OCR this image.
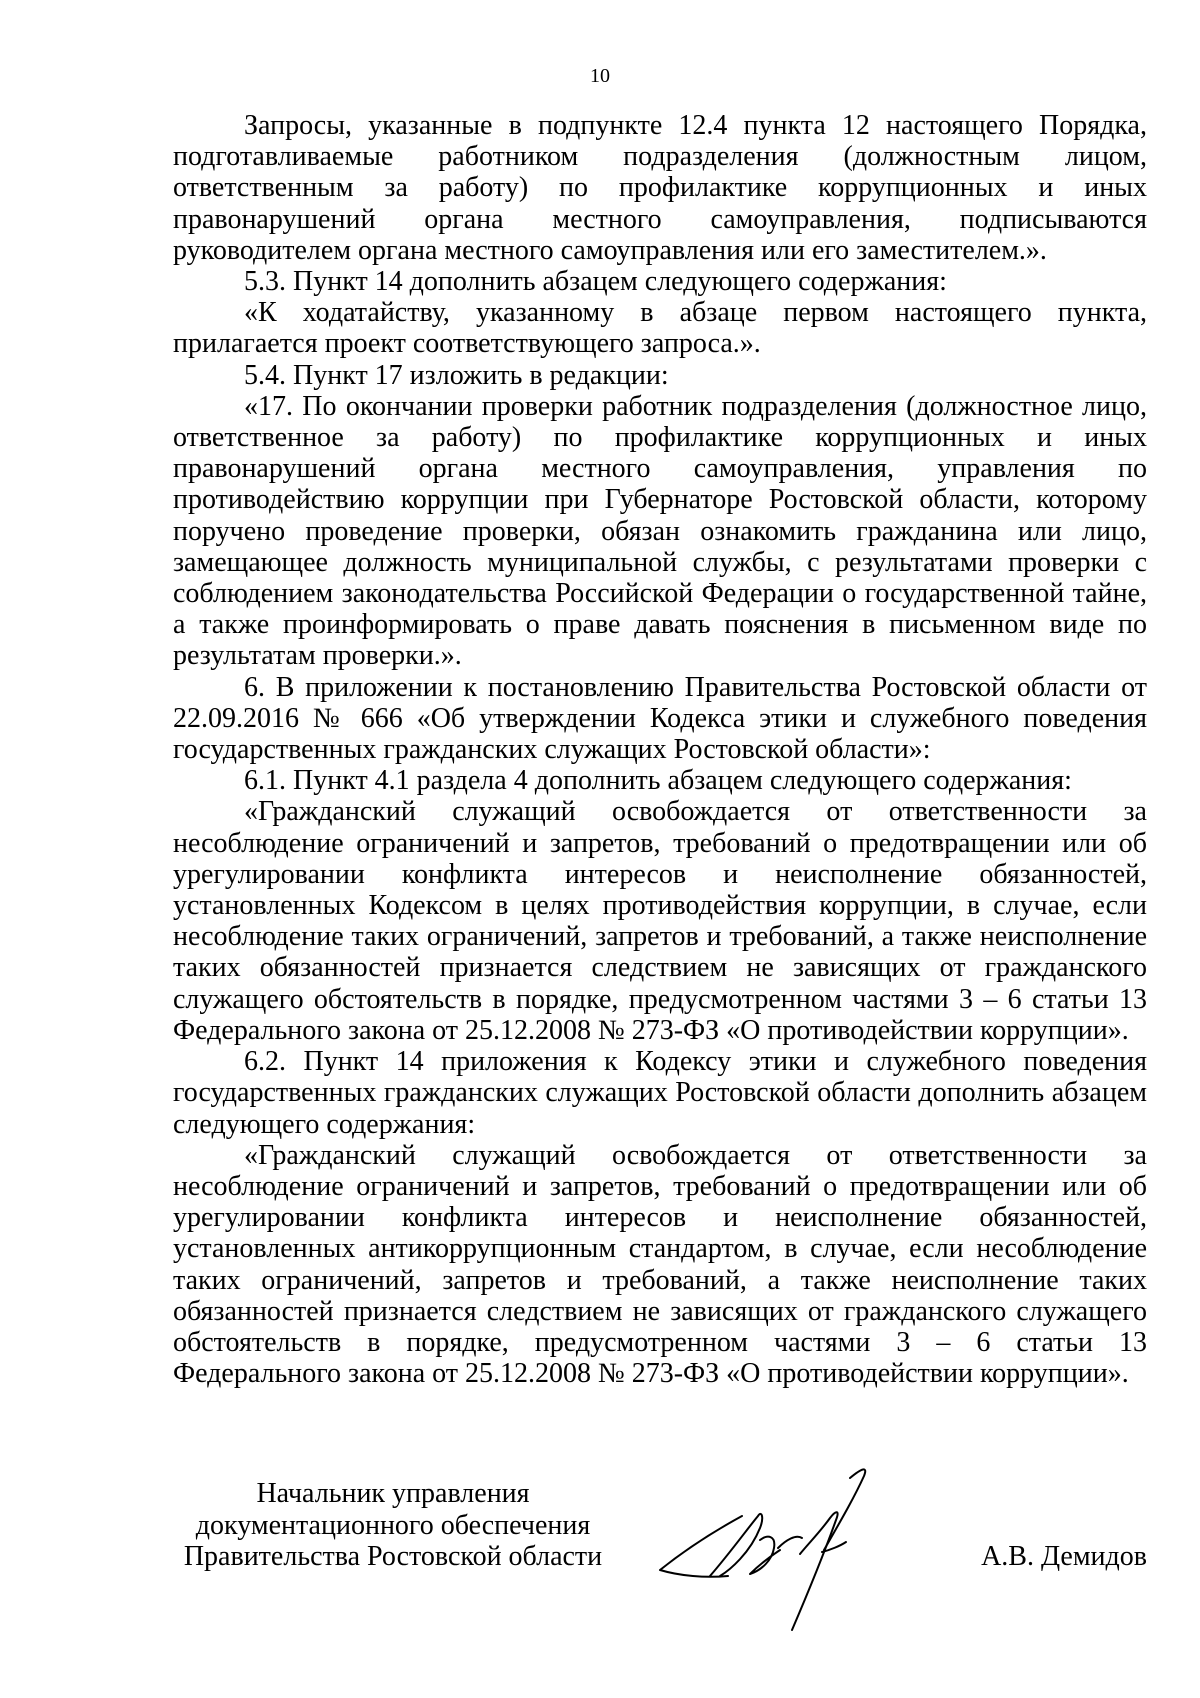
10

Запросы, указанные в подпункте 12.4 пункта 12 настоящего Порядка, подготавливаемые работником подразделения (должностным лицом, ответственным за работу) по профилактике коррупционных и иных правонарушений органа местного самоуправления, подписываются руководителем органа местного самоуправления или его заместителем.».

5.3. Пункт 14 дополнить абзацем следующего содержания:

«К ходатайству, указанному в абзаце первом настоящего пункта, прилагается проект соответствующего запроса.».

5.4. Пункт 17 изложить в редакции:

«17. По окончании проверки работник подразделения (должностное лицо, ответственное за работу) по профилактике коррупционных и иных правонарушений органа местного самоуправления, управления по противодействию коррупции при Губернаторе Ростовской области, которому поручено проведение проверки, обязан ознакомить гражданина или лицо, замещающее должность муниципальной службы, с результатами проверки с соблюдением законодательства Российской Федерации о государственной тайне, а также проинформировать о праве давать пояснения в письменном виде по результатам проверки.».

6. В приложении к постановлению Правительства Ростовской области от 22.09.2016 № 666 «Об утверждении Кодекса этики и служебного поведения государственных гражданских служащих Ростовской области»:

6.1. Пункт 4.1 раздела 4 дополнить абзацем следующего содержания:

«Гражданский служащий освобождается от ответственности за несоблюдение ограничений и запретов, требований о предотвращении или об урегулировании конфликта интересов и неисполнение обязанностей, установленных Кодексом в целях противодействия коррупции, в случае, если несоблюдение таких ограничений, запретов и требований, а также неисполнение таких обязанностей признается следствием не зависящих от гражданского служащего обстоятельств в порядке, предусмотренном частями 3 – 6 статьи 13 Федерального закона от 25.12.2008 № 273-ФЗ «О противодействии коррупции».

6.2. Пункт 14 приложения к Кодексу этики и служебного поведения государственных гражданских служащих Ростовской области дополнить абзацем следующего содержания:

«Гражданский служащий освобождается от ответственности за несоблюдение ограничений и запретов, требований о предотвращении или об урегулировании конфликта интересов и неисполнение обязанностей, установленных антикоррупционным стандартом, в случае, если несоблюдение таких ограничений, запретов и требований, а также неисполнение таких обязанностей признается следствием не зависящих от гражданского служащего обстоятельств в порядке, предусмотренном частями 3 – 6 статьи 13 Федерального закона от 25.12.2008 № 273-ФЗ «О противодействии коррупции».

Начальник управления
документационного обеспечения
Правительства Ростовской области	А.В. Демидов
